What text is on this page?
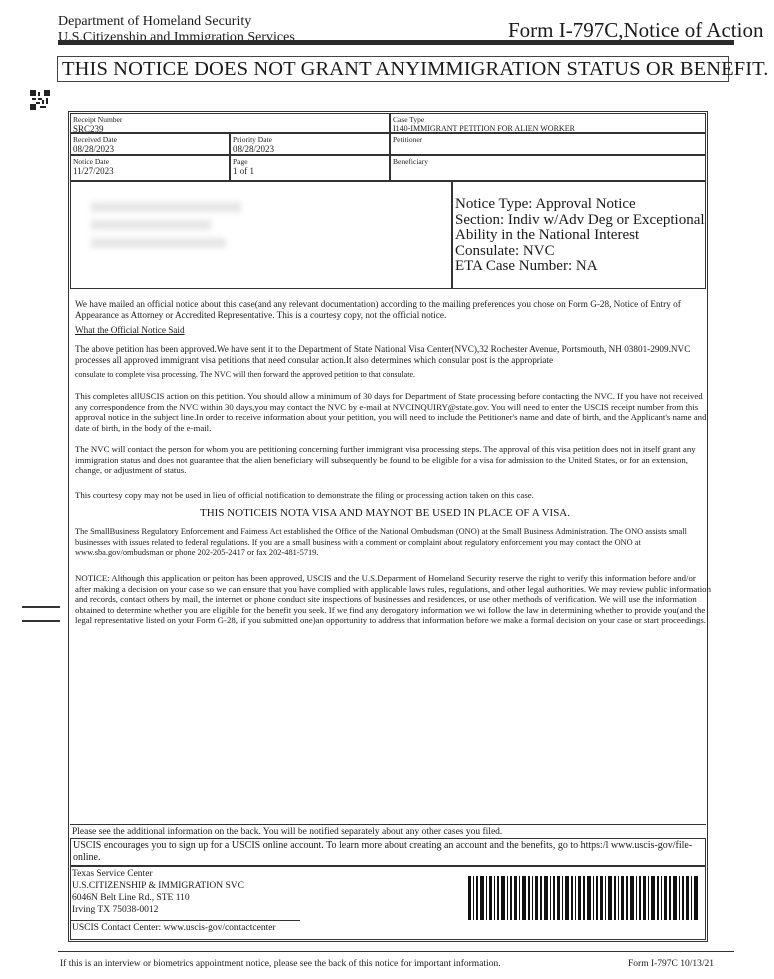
Department of Homeland Security
U.S.Citizenship and Immigration Services	Form I-797C,Notice of Action
THIS NOTICE DOES NOT GRANT ANYIMMIGRATION STATUS OR BENEFIT.
Receipt Number
SRC239
Case Type
I140-IMMIGRANT PETITION FOR ALIEN WORKER
Received Date
08/28/2023
Priority Date
08/28/2023
Petitioner
Notice Date
11/27/2023
Page
1 of 1
Beneficiary
Notice Type: Approval Notice
Section: Indiv w/Adv Deg or Exceptional
Ability in the National Interest
Consulate: NVC
ETA Case Number: NA
We have mailed an official notice about this case(and any relevant documentation) according to the mailing preferences you chose on Form G-28, Notice of Entry of Appearance as Attorney or Accredited Representative. This is a courtesy copy, not the official notice.
What the Official Notice Said
The above petition has been approved.We have sent it to the Department of State National Visa Center(NVC),32 Rochester Avenue, Portsmouth, NH 03801-2909.NVC processes all approved immigrant visa petitions that need consular action.It also determines which consular post is the appropriate
consulate to complete visa processing. The NVC will then forward the approved petition to that consulate.
This completes allUSCIS action on this petition. You should allow a minimum of 30 days for Department of State processing before contacting the NVC. If you have not received any correspondence from the NVC within 30 days,you may contact the NVC by e-mail at NVCINQUIRY@state.gov. You will need to enter the USCIS receipt number from this approval notice in the subject line.In order to receive information about your petition, you will need to include the Petitioner's name and date of birth, and the Applicant's name and date of birth, in the body of the e-mail.
The NVC will contact the person for whom you are petitioning concerning further immigrant visa processing steps. The approval of this visa petition does not in itself grant any immigration status and does not guarantee that the alien beneficiary will subsequently be found to be eligible for a visa for admission to the United States, or for an extension, change, or adjustment of status.
This courtesy copy may not be used in lieu of official notification to demonstrate the filing or processing action taken on this case.
THIS NOTICEIS NOTA VISA AND MAYNOT BE USED IN PLACE OF A VISA.
The SmallBusiness Regulatory Enforcement and Faimess Act established the Office of the National Ombudsman (ONO) at the Small Business Administration. The ONO assists small businesses with issues related to federal regulations. If you are a small business with a comment or complaint about regulatory enforcement you may contact the ONO at www.sba.gov/ombudsman or phone 202-205-2417 or fax 202-481-5719.
NOTICE: Although this application or peiton has been approved, USCIS and the U.S.Deparment of Homeland Security reserve the right to verify this information before and/or after making a decision on your case so we can ensure that you have complied with applicable laws rules, regulations, and other legal authorities. We may review public information and records, contact others by mail, the internet or phone conduct site inspections of businesses and residences, or use other methods of verification. We will use the information obtained to determine whether you are eligible for the benefit you seek. If we find any derogatory information we wi follow the law in determining whether to provide you(and the legal representative listed on your Form G-28, if you submitted one)an opportunity to address that information before we make a formal decision on your case or start proceedings.
Please see the additional information on the back. You will be notified separately about any other cases you filed.
USCIS encourages you to sign up for a USCIS online account. To learn more about creating an account and the benefits, go to https:/l www.uscis-gov/file-online.
Texas Service Center
U.S.CITIZENSHIP & IMMIGRATION SVC
6046N Belt Line Rd., STE 110
Irving TX 75038-0012
USCIS Contact Center: www.uscis-gov/contactcenter
If this is an interview or biometrics appointment notice, please see the back of this notice for important information.	Form I-797C 10/13/21
